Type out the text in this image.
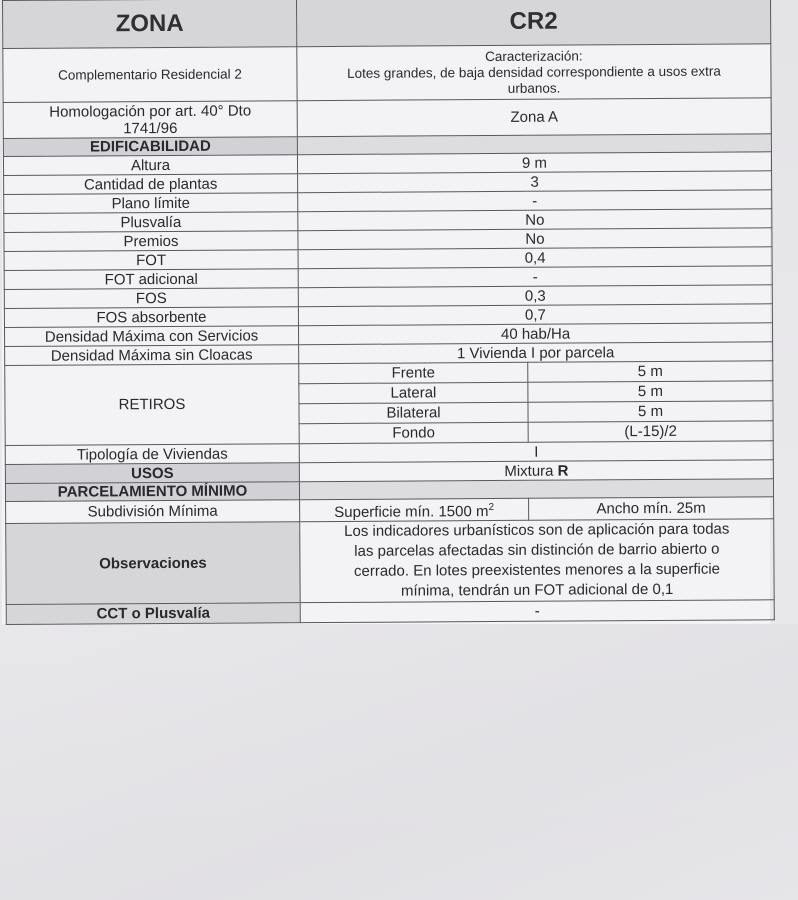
ZONA	CR2	
Complementario Residencial 2	Caracterización:
Lotes grandes, de baja densidad correspondiente a usos extra urbanos.	

Homologación por art. 40° Dto 1741/96	Zona A	
EDIFICABILIDAD		
Altura	9 m	
Cantidad de plantas	3	
Plano límite	-	
Plusvalía	No	
Premios	No	
FOT	0,4	
FOT adicional	-	
FOS	0,3	
FOS absorbente	0,7	
Densidad Máxima con Servicios	40 hab/Ha	
Densidad Máxima sin Cloacas	1 Vivienda I por parcela	
RETIROS	Frente	5 m
	Lateral	5 m
	Bilateral	5 m
	Fondo	(L-15)/2
Tipología de Viviendas	I	
USOS	Mixtura R	
PARCELAMIENTO MÍNIMO		
Subdivisión Mínima	Superficie mín. 1500 $m^2$	Ancho mín. 25m
Observaciones	Los indicadores urbanísticos son de aplicación para todas
las parcelas afectadas sin distinción de barrio abierto o
cerrado. En lotes preexistentes menores a la superficie
mínima, tendrán un FOT adicional de 0,1	

CCT o Plusvalía	-	
